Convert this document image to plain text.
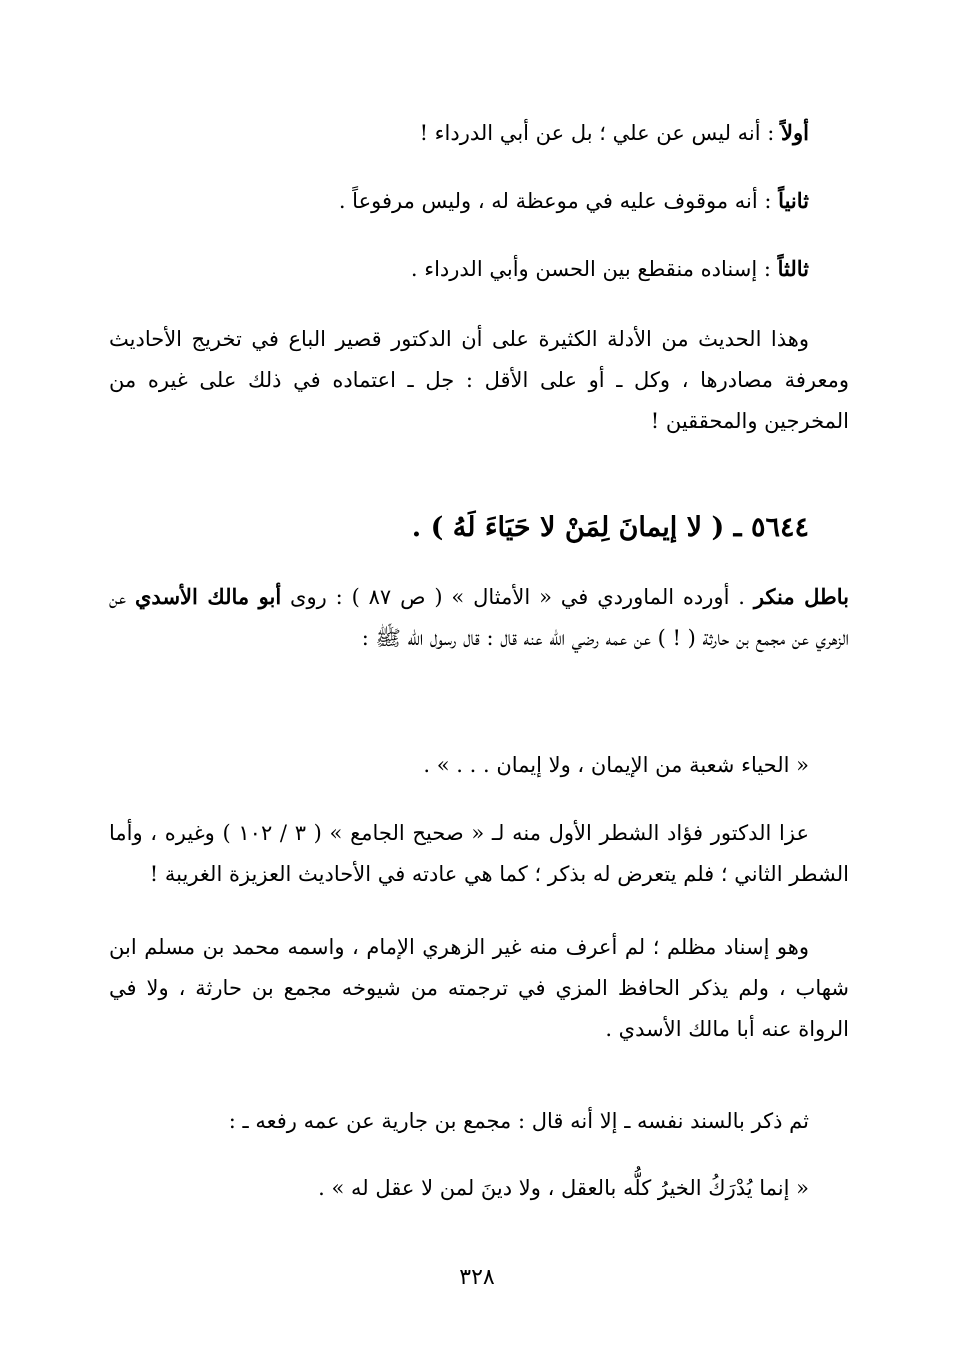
أولاً : أنه ليس عن علي ؛ بل عن أبي الدرداء !

ثانياً : أنه موقوف عليه في موعظة له ، وليس مرفوعاً .

ثالثاً : إسناده منقطع بين الحسن وأبي الدرداء .

وهذا الحديث من الأدلة الكثيرة على أن الدكتور قصير الباع في تخريج الأحاديث ومعرفة مصادرها ، وكل ـ أو على الأقل : جل ـ اعتماده في ذلك على غيره من المخرجين والمحققين !

٥٦٤٤ ـ ( لا إيمانَ لِمَنْ لا حَيَاءَ لَهُ ) .

باطل منكر . أورده الماوردي في « الأمثال » ( ص ٨٧ ) : روى أبو مالك الأسدي عن الزهري عن مجمع بن حارثة ( ! ) عن عمه رضي الله عنه قال : قال رسول الله ﷺ :

« الحياء شعبة من الإيمان ، ولا إيمان . . . » .

عزا الدكتور فؤاد الشطر الأول منه لـ « صحيح الجامع » ( ٣ / ١٠٢ ) وغيره ، وأما الشطر الثاني ؛ فلم يتعرض له بذكر ؛ كما هي عادته في الأحاديث العزيزة الغريبة !

وهو إسناد مظلم ؛ لم أعرف منه غير الزهري الإمام ، واسمه محمد بن مسلم ابن شهاب ، ولم يذكر الحافظ المزي في ترجمته من شيوخه مجمع بن حارثة ، ولا في الرواة عنه أبا مالك الأسدي .

ثم ذكر بالسند نفسه ـ إلا أنه قال : مجمع بن جارية عن عمه رفعه ـ :

« إنما يُدْرَكُ الخيرُ كلُّه بالعقل ، ولا دينَ لمن لا عقل له » .

٣٢٨
